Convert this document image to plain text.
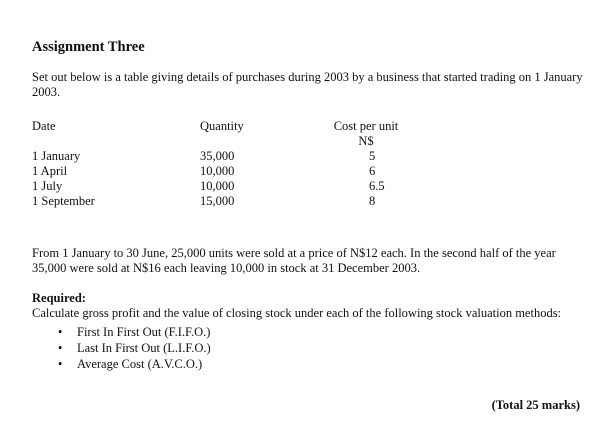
Assignment Three
Set out below is a table giving details of purchases during 2003 by a business that started trading on 1 January 2003.
Date	Quantity	Cost per unit
N$
1 January	35,000	5
1 April	10,000	6
1 July	10,000	6.5
1 September	15,000	8
From 1 January to 30 June, 25,000 units were sold at a price of N$12 each. In the second half of the year 35,000 were sold at N$16 each leaving 10,000 in stock at 31 December 2003.
Required:
Calculate gross profit and the value of closing stock under each of the following stock valuation methods:
• First In First Out (F.I.F.O.)
• Last In First Out (L.I.F.O.)
• Average Cost (A.V.C.O.)
(Total 25 marks)
